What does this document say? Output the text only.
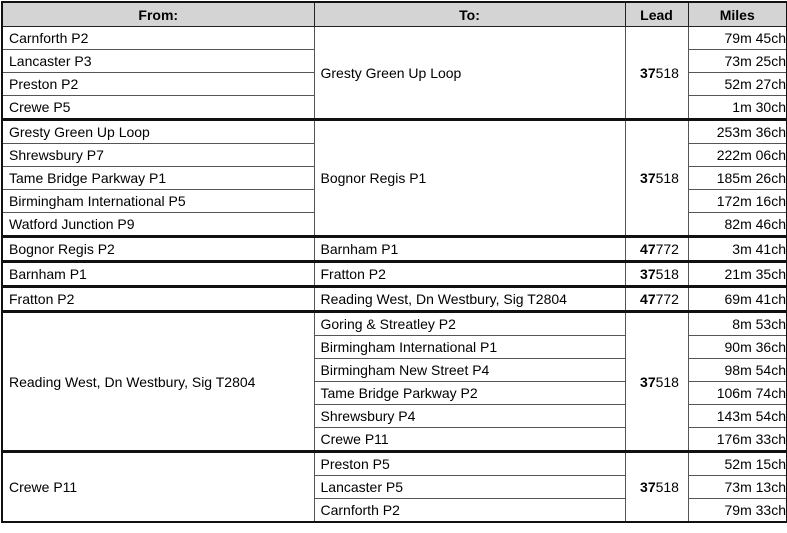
From:	To:	Lead	Miles
Carnforth P2	Gresty Green Up Loop	37518	79m 45ch
Lancaster P3			73m 25ch
Preston P2			52m 27ch
Crewe P5			1m 30ch
Gresty Green Up Loop	Bognor Regis P1	37518	253m 36ch
Shrewsbury P7			222m 06ch
Tame Bridge Parkway P1			185m 26ch
Birmingham International P5			172m 16ch
Watford Junction P9			82m 46ch
Bognor Regis P2	Barnham P1	47772	3m 41ch
Barnham P1	Fratton P2	37518	21m 35ch
Fratton P2	Reading West, Dn Westbury, Sig T2804	47772	69m 41ch
Reading West, Dn Westbury, Sig T2804	Goring & Streatley P2	37518	8m 53ch
	Birmingham International P1		90m 36ch
	Birmingham New Street P4		98m 54ch
	Tame Bridge Parkway P2		106m 74ch
	Shrewsbury P4		143m 54ch
	Crewe P11		176m 33ch
Crewe P11	Preston P5	37518	52m 15ch
	Lancaster P5		73m 13ch
	Carnforth P2		79m 33ch
